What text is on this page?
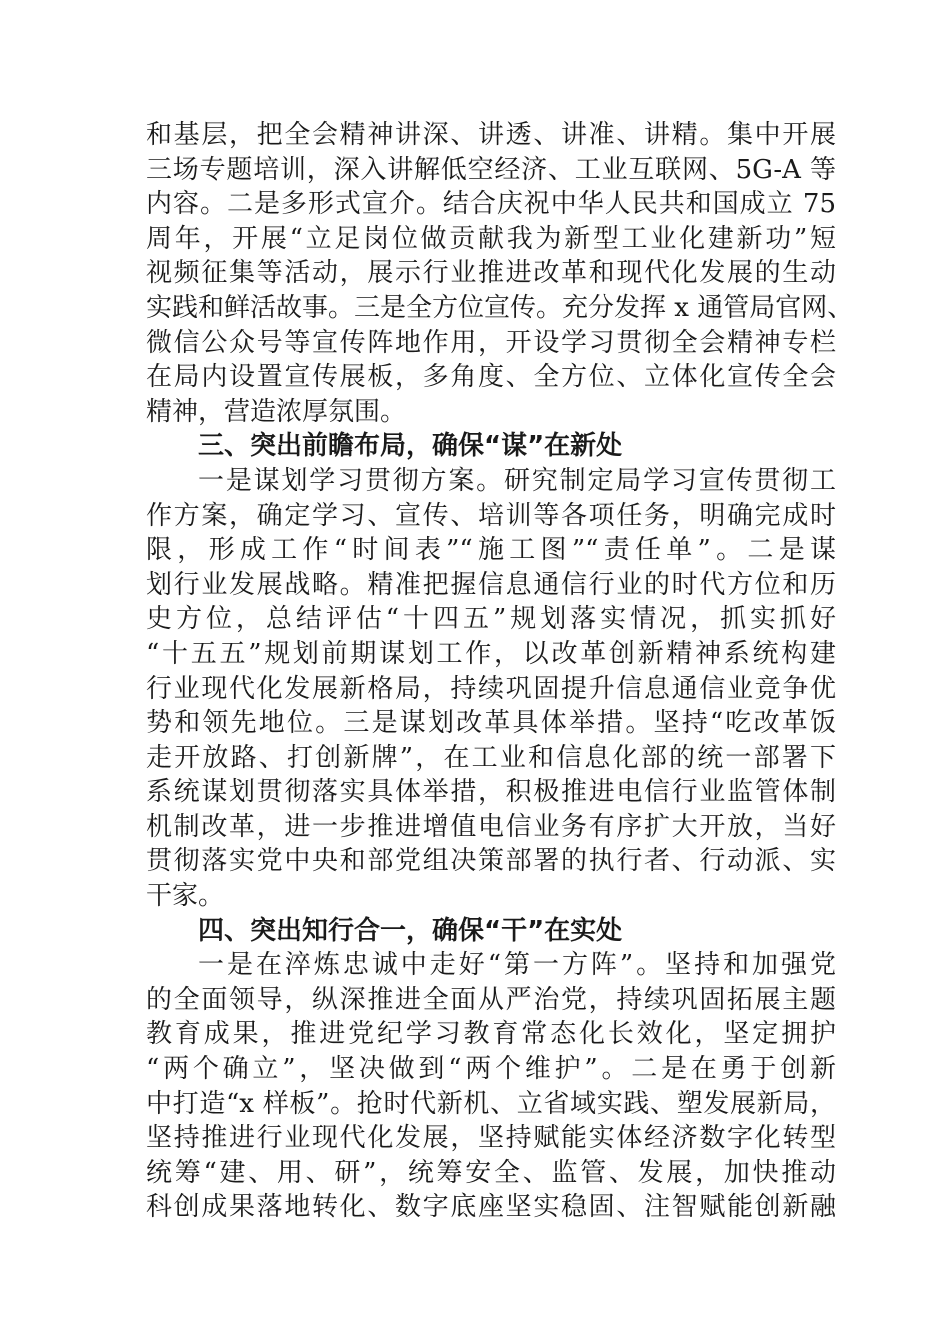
和基层，把全会精神讲深、讲透、讲准、讲精。集中开展
三场专题培训，深入讲解低空经济、工业互联网、5G-A 等
内容。二是多形式宣介。结合庆祝中华人民共和国成立 75
周年，开展“立足岗位做贡献我为新型工业化建新功”短
视频征集等活动，展示行业推进改革和现代化发展的生动
实践和鲜活故事。三是全方位宣传。充分发挥 x 通管局官网、
微信公众号等宣传阵地作用，开设学习贯彻全会精神专栏
在局内设置宣传展板，多角度、全方位、立体化宣传全会
精神，营造浓厚氛围。
三、突出前瞻布局，确保“谋”在新处
一是谋划学习贯彻方案。研究制定局学习宣传贯彻工
作方案，确定学习、宣传、培训等各项任务，明确完成时
限，形成工作“时间表”“施工图”“责任单”。二是谋
划行业发展战略。精准把握信息通信行业的时代方位和历
史方位，总结评估“十四五”规划落实情况，抓实抓好
“十五五”规划前期谋划工作，以改革创新精神系统构建
行业现代化发展新格局，持续巩固提升信息通信业竞争优
势和领先地位。三是谋划改革具体举措。坚持“吃改革饭
走开放路、打创新牌”，在工业和信息化部的统一部署下
系统谋划贯彻落实具体举措，积极推进电信行业监管体制
机制改革，进一步推进增值电信业务有序扩大开放，当好
贯彻落实党中央和部党组决策部署的执行者、行动派、实
干家。
四、突出知行合一，确保“干”在实处
一是在淬炼忠诚中走好“第一方阵”。坚持和加强党
的全面领导，纵深推进全面从严治党，持续巩固拓展主题
教育成果，推进党纪学习教育常态化长效化，坚定拥护
“两个确立”，坚决做到“两个维护”。二是在勇于创新
中打造“x 样板”。抢时代新机、立省域实践、塑发展新局，
坚持推进行业现代化发展，坚持赋能实体经济数字化转型
统筹“建、用、研”，统筹安全、监管、发展，加快推动
科创成果落地转化、数字底座坚实稳固、注智赋能创新融
